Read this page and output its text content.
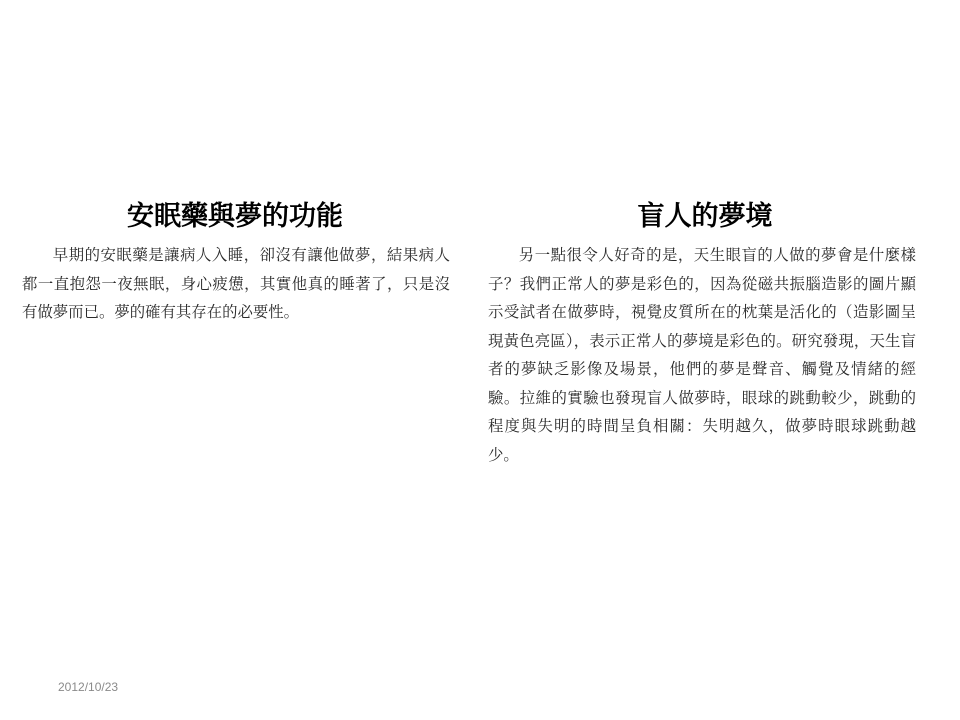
安眠藥與夢的功能

早期的安眠藥是讓病人入睡，卻沒有讓他做夢，結果病人都一直抱怨一夜無眠，身心疲憊，其實他真的睡著了，只是沒有做夢而已。夢的確有其存在的必要性。

盲人的夢境

另一點很令人好奇的是，天生眼盲的人做的夢會是什麼樣子？我們正常人的夢是彩色的，因為從磁共振腦造影的圖片顯示受試者在做夢時，視覺皮質所在的枕葉是活化的（造影圖呈現黃色亮區），表示正常人的夢境是彩色的。研究發現，天生盲者的夢缺乏影像及場景，他們的夢是聲音、觸覺及情緒的經驗。拉維的實驗也發現盲人做夢時，眼球的跳動較少，跳動的程度與失明的時間呈負相關：失明越久，做夢時眼球跳動越少。

2012/10/23
